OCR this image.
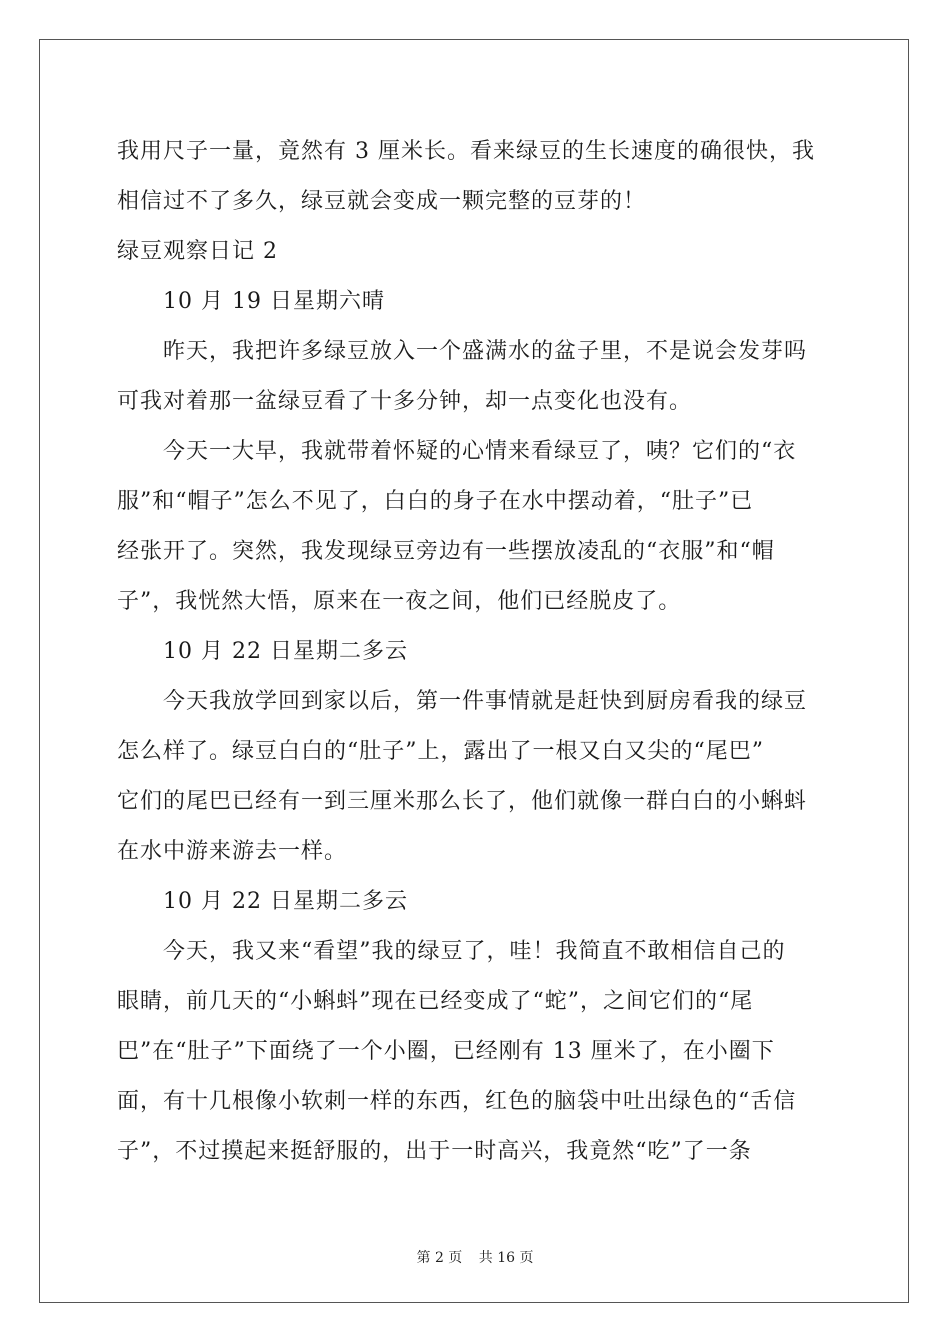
我用尺子一量，竟然有 3 厘米长。看来绿豆的生长速度的确很快，我
相信过不了多久，绿豆就会变成一颗完整的豆芽的！
绿豆观察日记 2
10 月 19 日星期六晴
昨天，我把许多绿豆放入一个盛满水的盆子里，不是说会发芽吗
可我对着那一盆绿豆看了十多分钟，却一点变化也没有。
今天一大早，我就带着怀疑的心情来看绿豆了，咦？它们的“衣
服”和“帽子”怎么不见了，白白的身子在水中摆动着，“肚子”已
经张开了。突然，我发现绿豆旁边有一些摆放凌乱的“衣服”和“帽
子”，我恍然大悟，原来在一夜之间，他们已经脱皮了。
10 月 22 日星期二多云
今天我放学回到家以后，第一件事情就是赶快到厨房看我的绿豆
怎么样了。绿豆白白的“肚子”上，露出了一根又白又尖的“尾巴”
它们的尾巴已经有一到三厘米那么长了，他们就像一群白白的小蝌蚪
在水中游来游去一样。
10 月 22 日星期二多云
今天，我又来“看望”我的绿豆了，哇！我简直不敢相信自己的
眼睛，前几天的“小蝌蚪”现在已经变成了“蛇”，之间它们的“尾
巴”在“肚子”下面绕了一个小圈，已经刚有 13 厘米了，在小圈下
面，有十几根像小软刺一样的东西，红色的脑袋中吐出绿色的“舌信
子”，不过摸起来挺舒服的，出于一时高兴，我竟然“吃”了一条
第 2 页 共 16 页
